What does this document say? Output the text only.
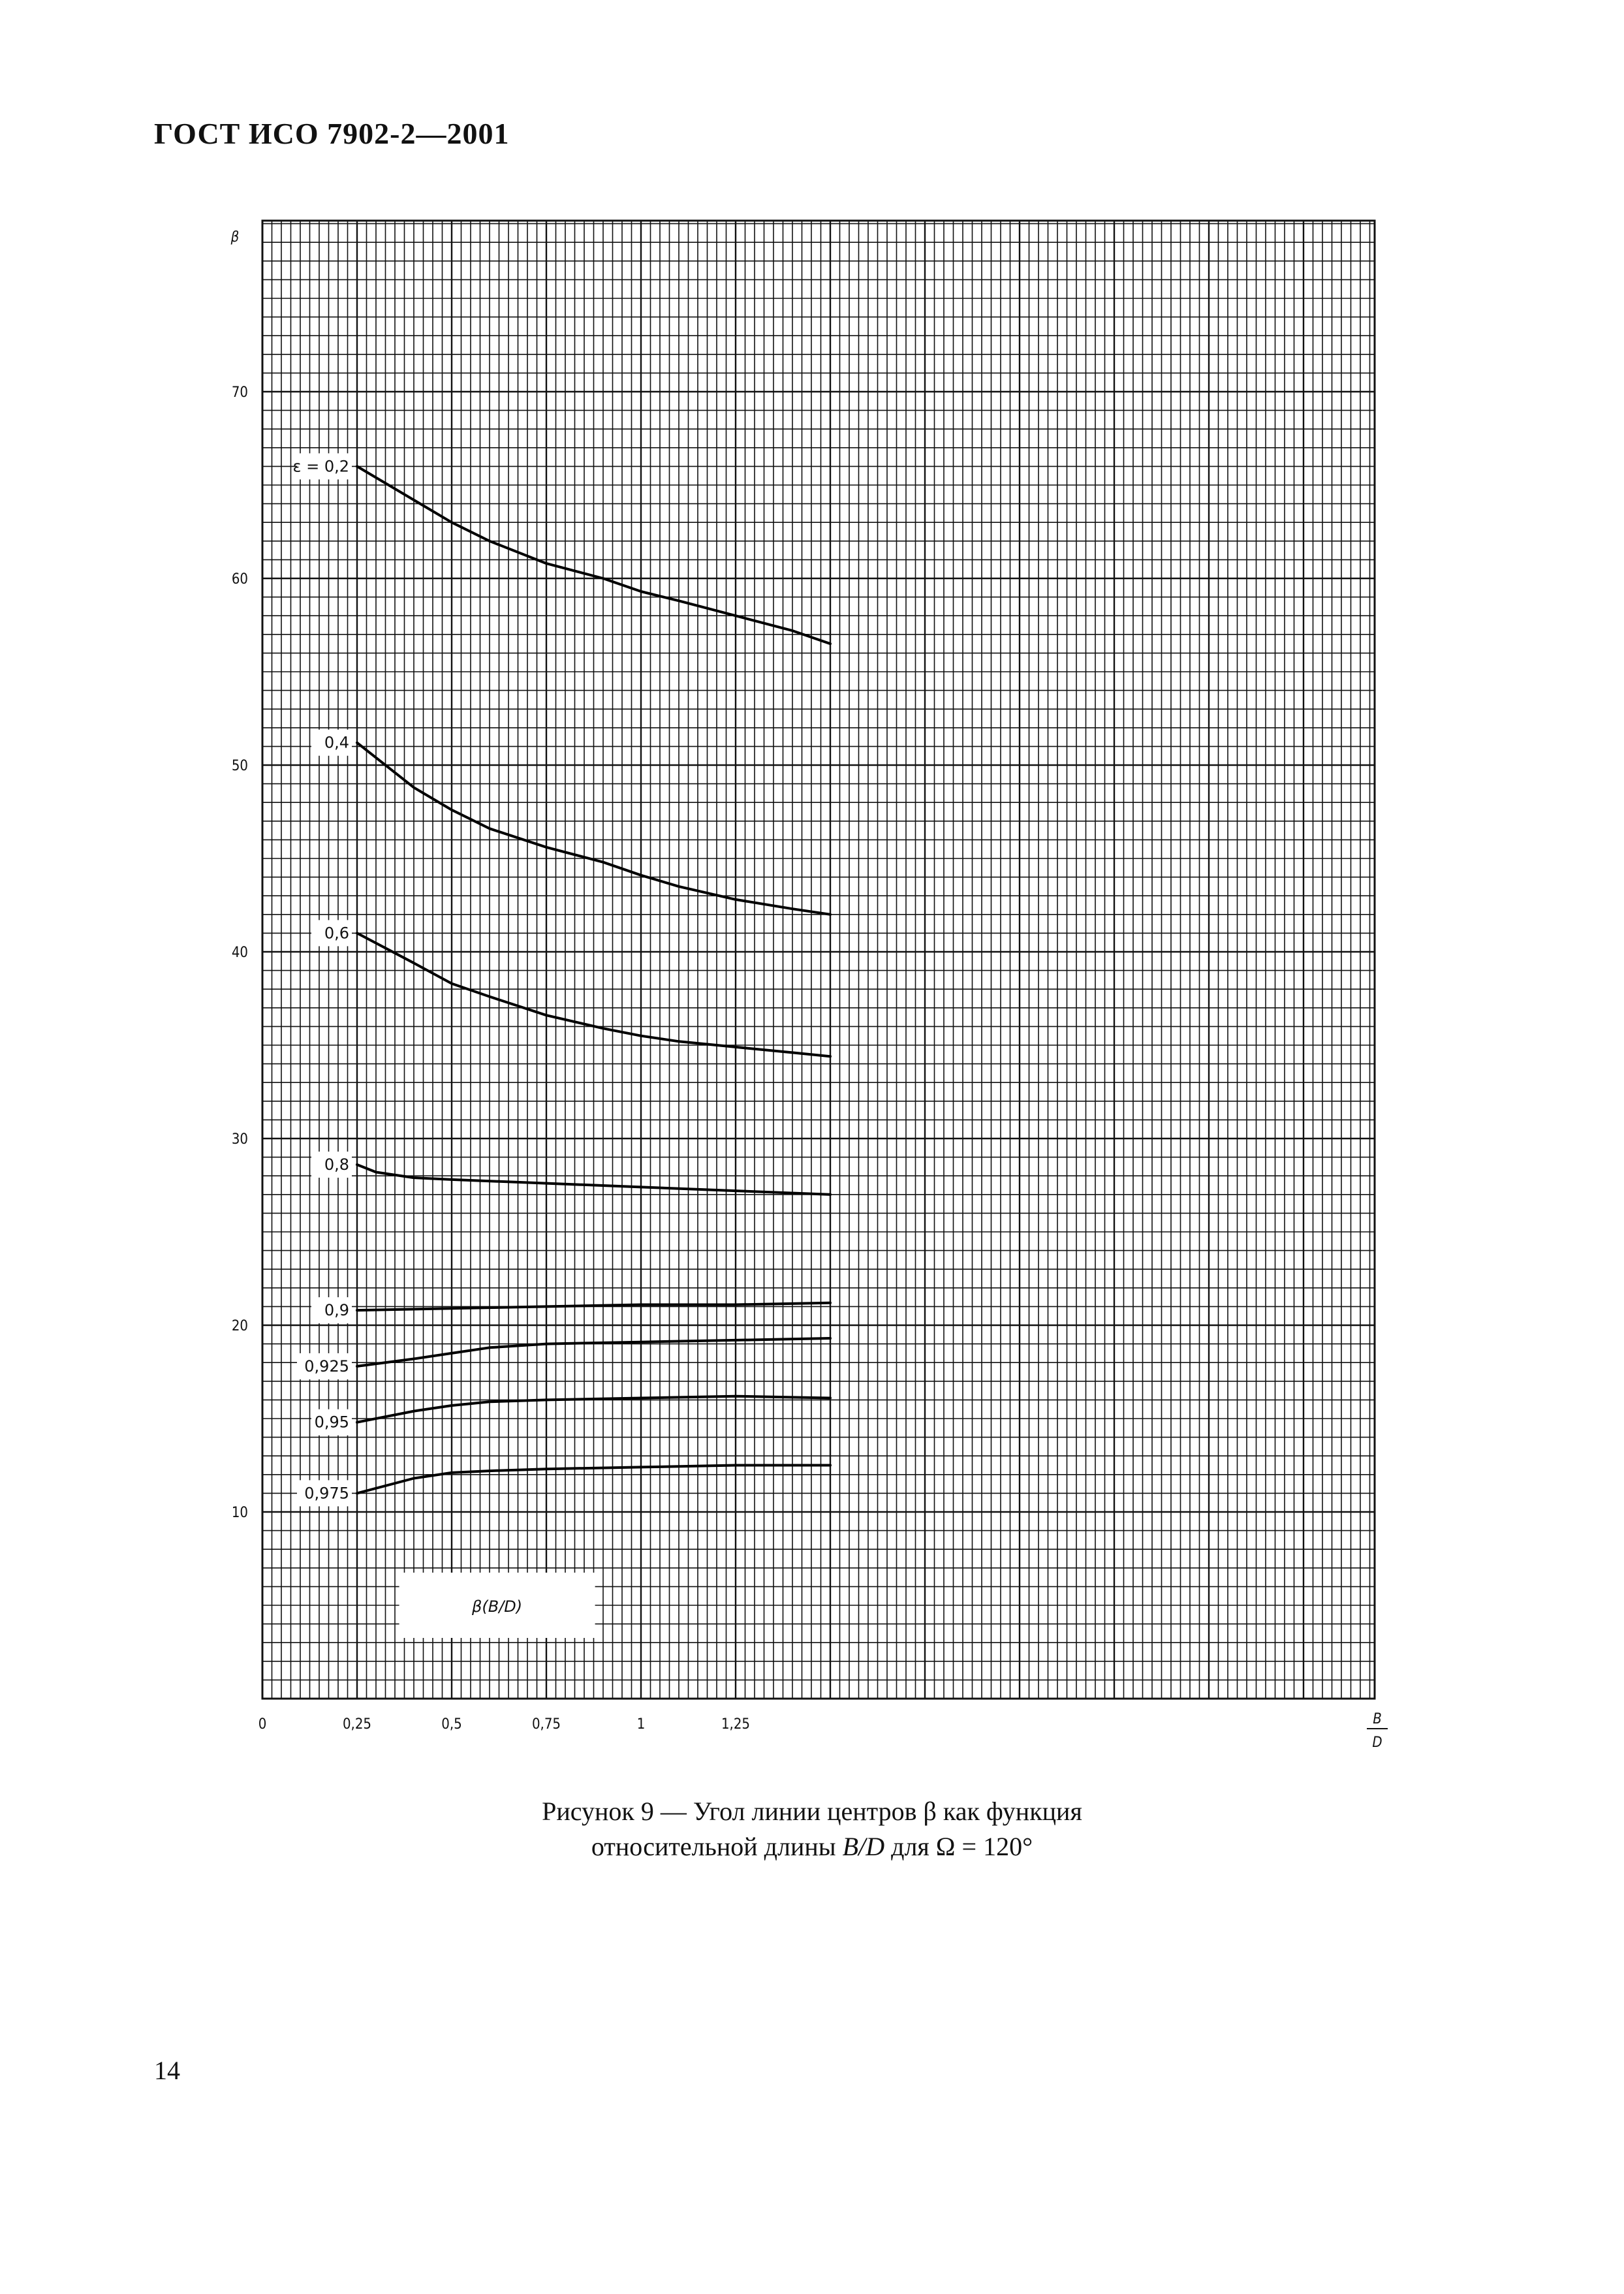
ГОСТ ИСО 7902-2—2001
β(B/D)
ε = 0,2
0,4
0,6
0,8
0,9
0,925
0,95
0,975
0	0,25	0,5	0,75	1	1,25
10
20
30
40
50
60
70
β
B
D
Рисунок 9 — Угол линии центров β как функция
относительной длины B/D для Ω = 120°
14
